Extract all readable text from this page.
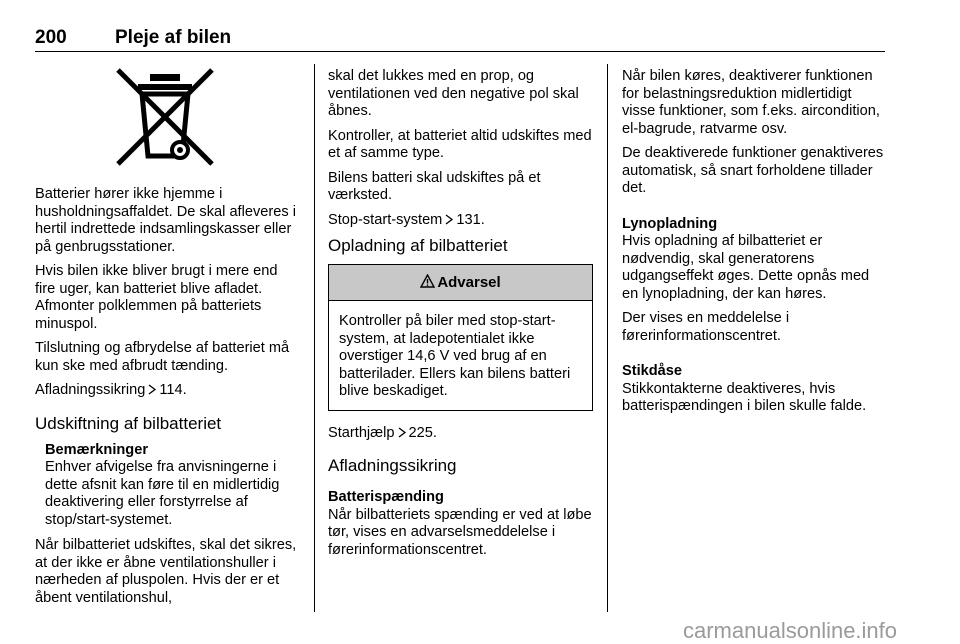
200	Pleje af bilen

Batterier hører ikke hjemme i husholdningsaffaldet. De skal afleveres i hertil indrettede indsamlingskasser eller på genbrugsstationer.

Hvis bilen ikke bliver brugt i mere end fire uger, kan batteriet blive afladet. Afmonter polklemmen på batteriets minuspol.

Tilslutning og afbrydelse af batteriet må kun ske med afbrudt tænding.

Afladningssikring 114.

Udskiftning af bilbatteriet
Bemærkninger
Enhver afvigelse fra anvisningerne i dette afsnit kan føre til en midlertidig deaktivering eller forstyrrelse af stop/start-systemet.

Når bilbatteriet udskiftes, skal det sikres, at der ikke er åbne ventilationshuller i nærheden af pluspolen. Hvis der er et åbent ventilationshul,

skal det lukkes med en prop, og ventilationen ved den negative pol skal åbnes.

Kontroller, at batteriet altid udskiftes med et af samme type.

Bilens batteri skal udskiftes på et værksted.

Stop-start-system 131.

Opladning af bilbatteriet
Advarsel
Kontroller på biler med stop-start-system, at ladepotentialet ikke overstiger 14,6 V ved brug af en batterilader. Ellers kan bilens batteri blive beskadiget.

Starthjælp 225.

Afladningssikring
Batterispænding

Når bilbatteriets spænding er ved at løbe tør, vises en advarselsmeddelelse i førerinformationscentret.

Når bilen køres, deaktiverer funktionen for belastningsreduktion midlertidigt visse funktioner, som f.eks. aircondition, el-bagrude, ratvarme osv.

De deaktiverede funktioner genaktiveres automatisk, så snart forholdene tillader det.

Lynopladning

Hvis opladning af bilbatteriet er nødvendig, skal generatorens udgangseffekt øges. Dette opnås med en lynopladning, der kan høres.

Der vises en meddelelse i førerinformationscentret.

Stikdåse

Stikkontakterne deaktiveres, hvis batterispændingen i bilen skulle falde.

carmanualsonline.info
